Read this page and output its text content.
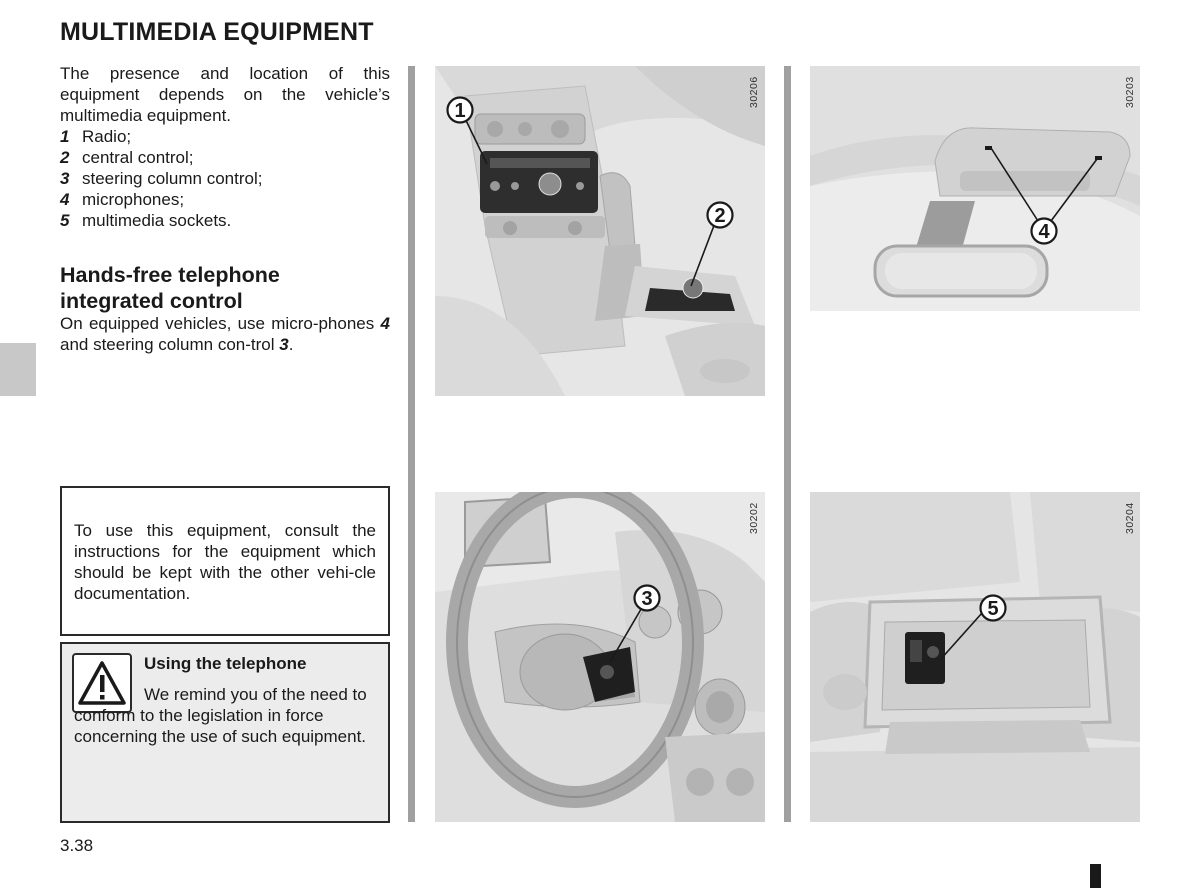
MULTIMEDIA EQUIPMENT

The presence and location of this equipment depends on the vehicle’s multimedia equipment.

1 Radio;
2 central control;
3 steering column control;
4 microphones;
5 multimedia sockets.
Hands-free telephone
integrated control

On equipped vehicles, use micro-phones 4 and steering column con-trol 3.

To use this equipment, consult the instructions for the equipment which should be kept with the other vehi-cle documentation.

Using the telephone

We remind you of the need to conform to the legislation in force concerning the use of such equipment.

3.38

1
2
30206
4
30203
3
30202
5
30204
